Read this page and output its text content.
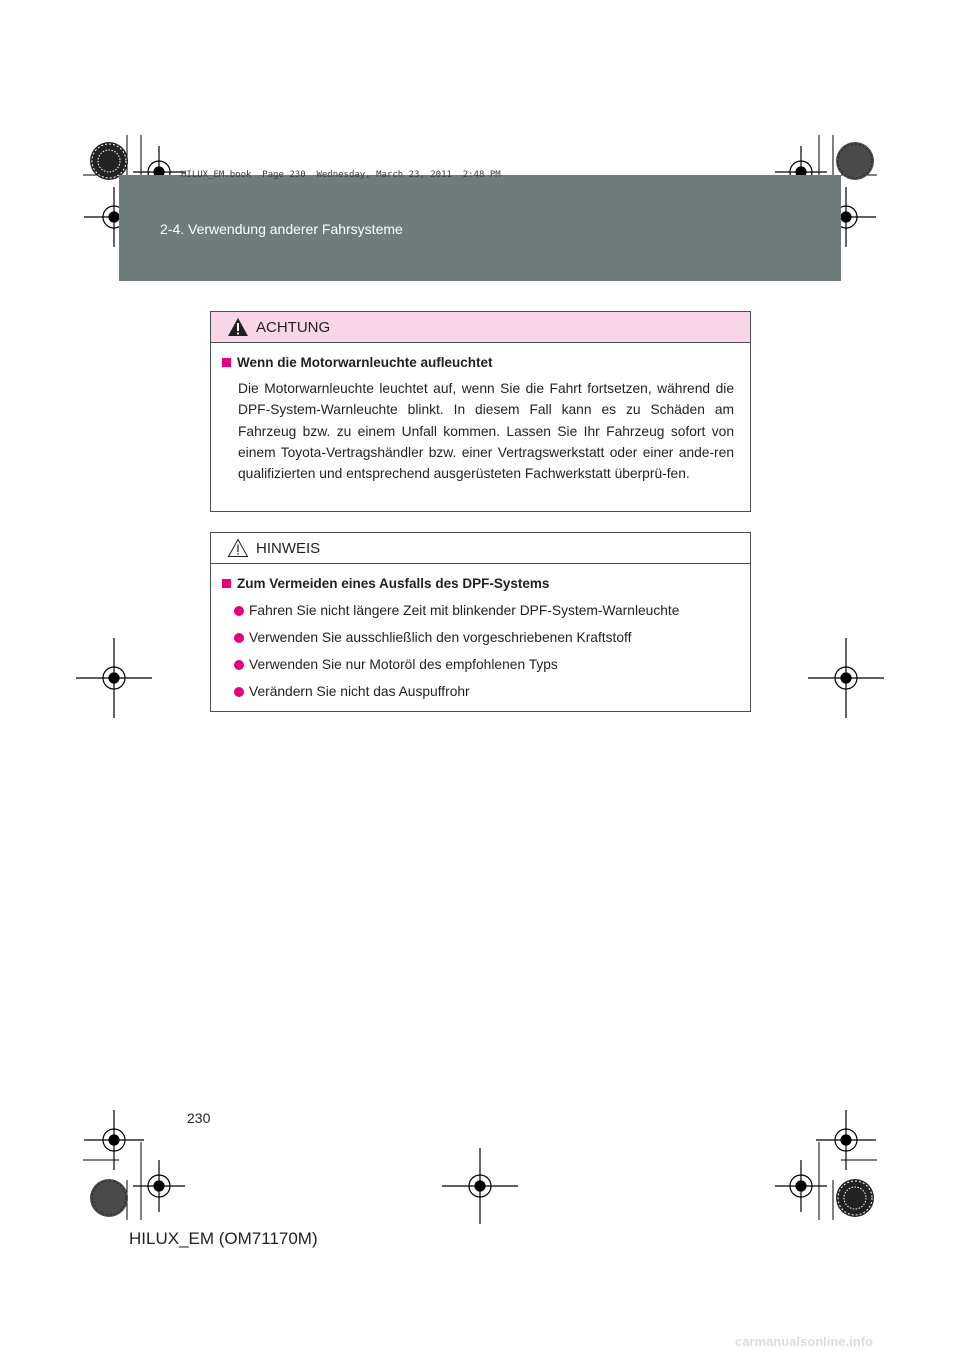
2-4. Verwendung anderer Fahrsysteme
HILUX_EM.book  Page 230  Wednesday, March 23, 2011  2:48 PM
ACHTUNG
Wenn die Motorwarnleuchte aufleuchtet
Die Motorwarnleuchte leuchtet auf, wenn Sie die Fahrt fortsetzen, während die DPF-System-Warnleuchte blinkt. In diesem Fall kann es zu Schäden am Fahrzeug bzw. zu einem Unfall kommen. Lassen Sie Ihr Fahrzeug sofort von einem Toyota-Vertragshändler bzw. einer Vertragswerkstatt oder einer ande-ren qualifizierten und entsprechend ausgerüsteten Fachwerkstatt überprü-fen.
HINWEIS
Zum Vermeiden eines Ausfalls des DPF-Systems
Fahren Sie nicht längere Zeit mit blinkender DPF-System-Warnleuchte
Verwenden Sie ausschließlich den vorgeschriebenen Kraftstoff
Verwenden Sie nur Motoröl des empfohlenen Typs
Verändern Sie nicht das Auspuffrohr
230
HILUX_EM (OM71170M)
carmanualsonline.info
